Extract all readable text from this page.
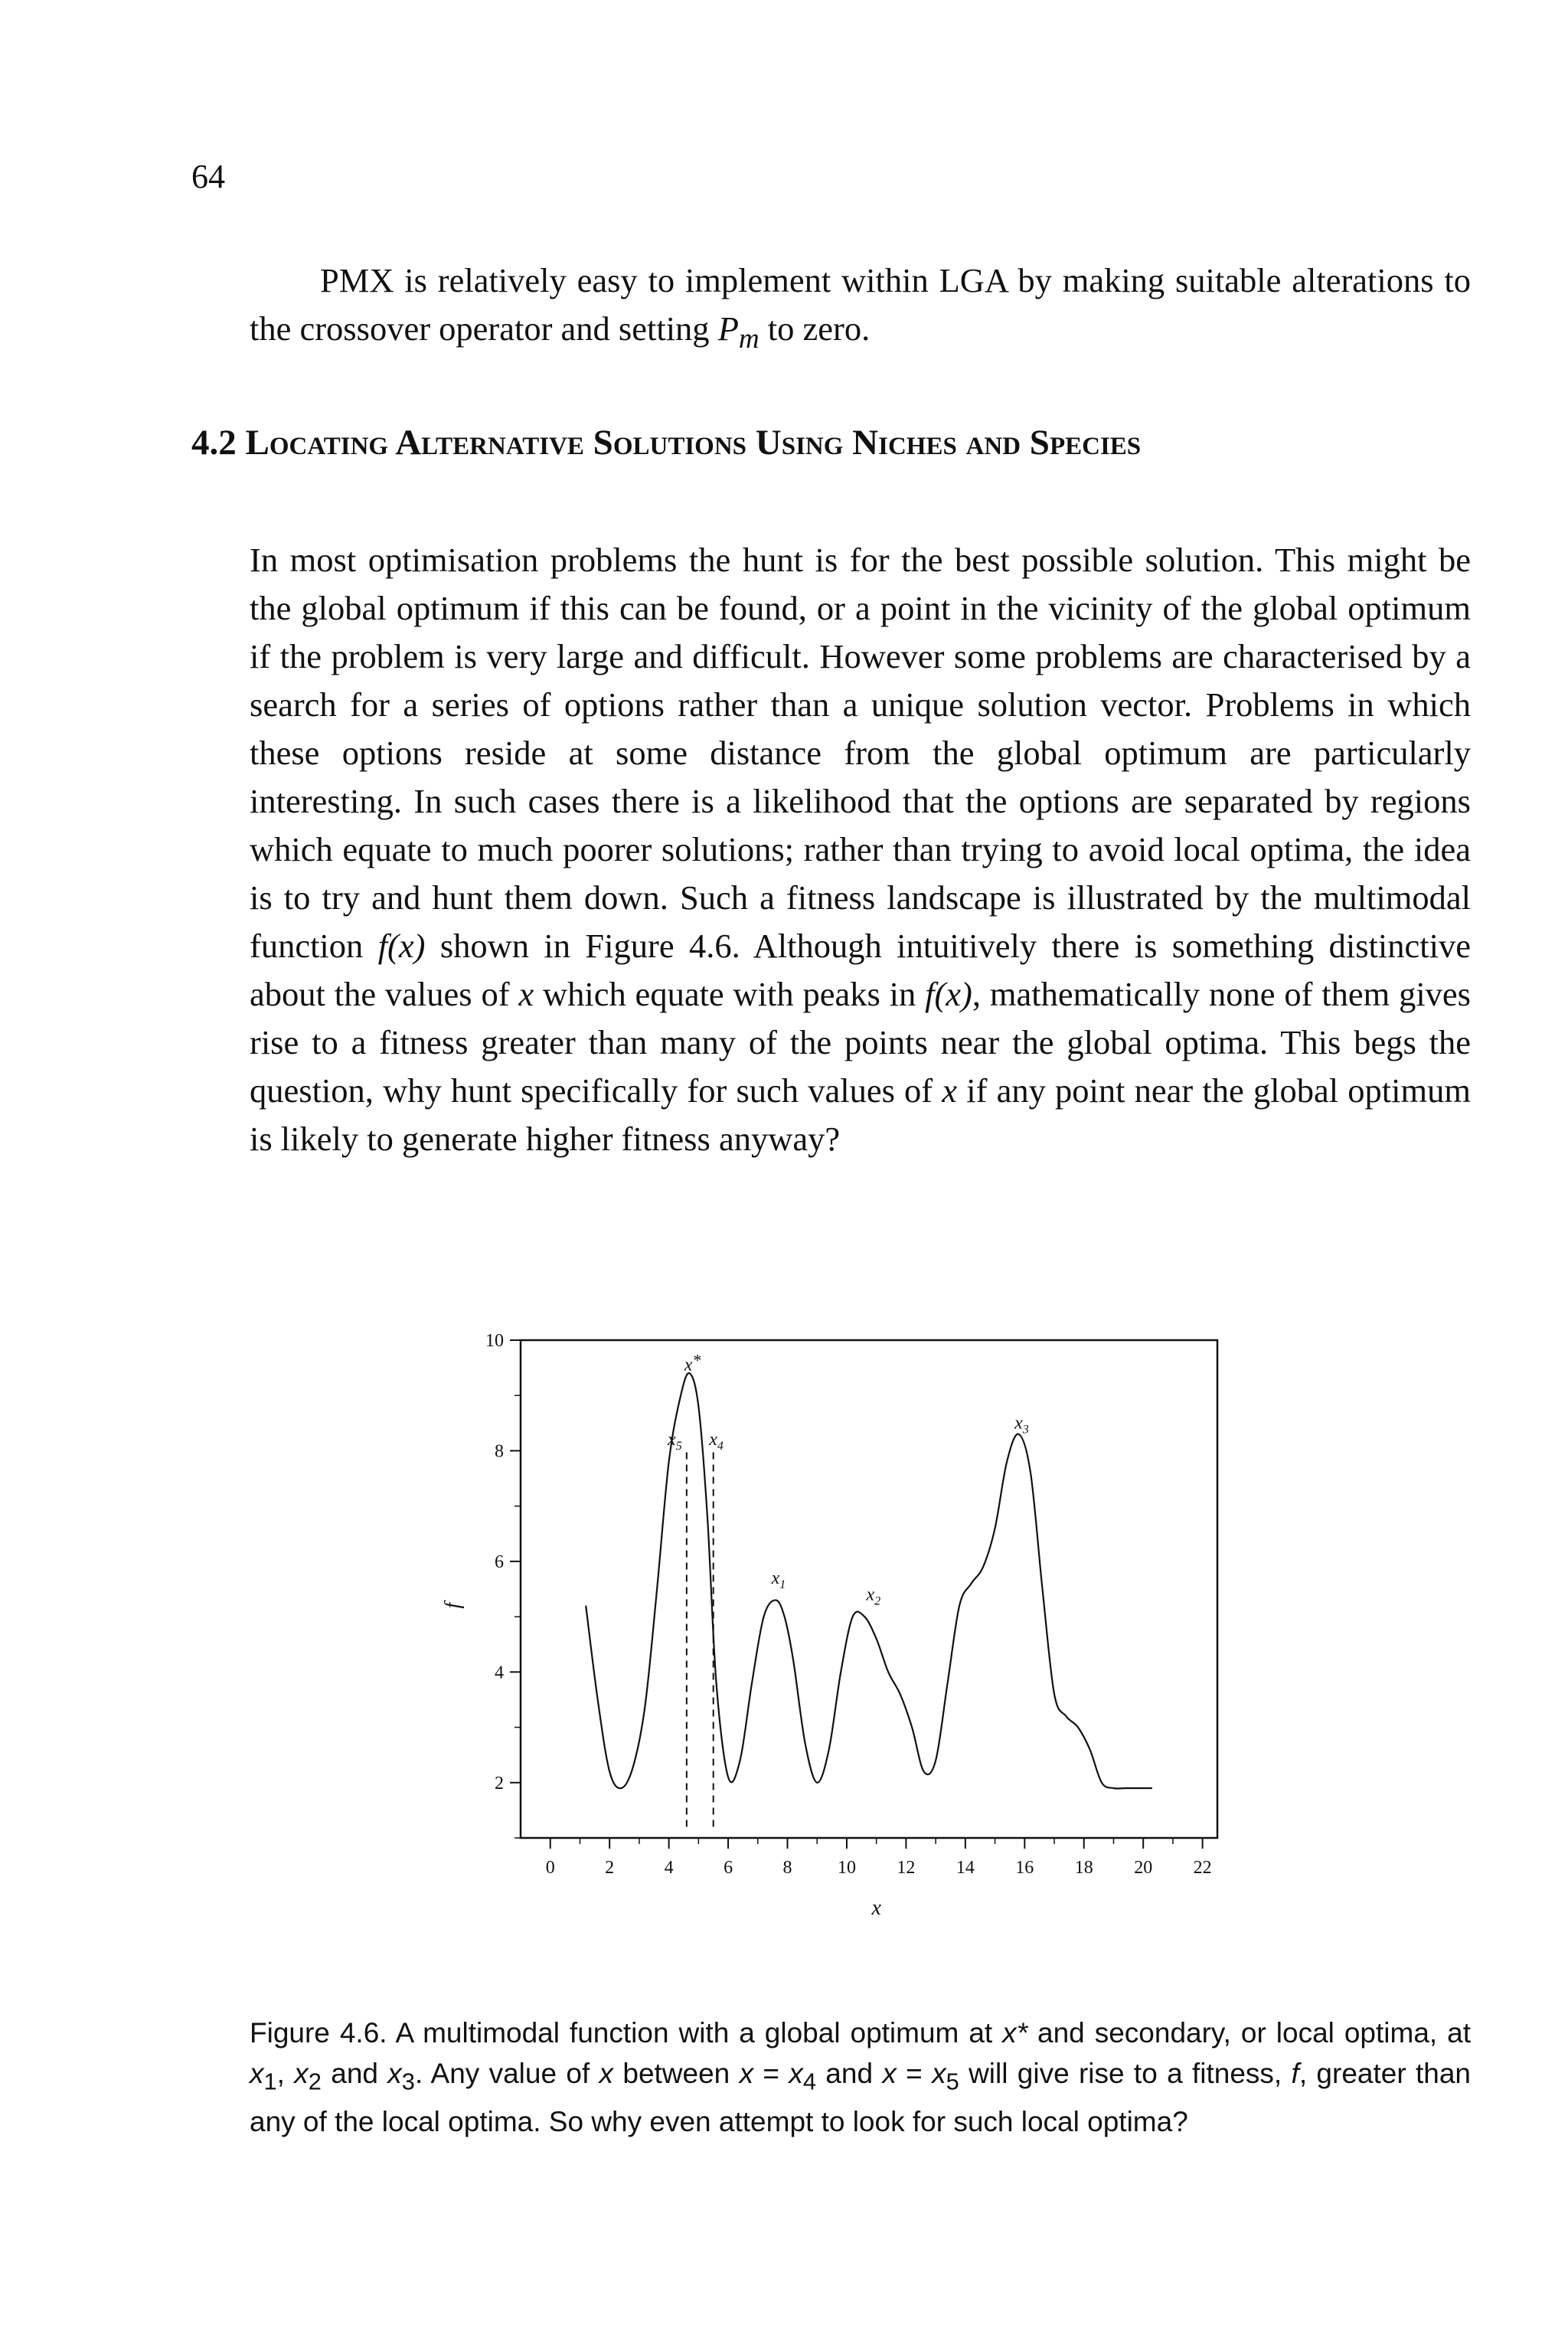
64

PMX is relatively easy to implement within LGA by making suitable alterations to the crossover operator and setting $P_m$ to zero.

4.2 Locating Alternative Solutions Using Niches and Species

In most optimisation problems the hunt is for the best possible solution. This might be the global optimum if this can be found, or a point in the vicinity of the global optimum if the problem is very large and difficult. However some problems are characterised by a search for a series of options rather than a unique solution vector. Problems in which these options reside at some distance from the global optimum are particularly interesting. In such cases there is a likelihood that the options are separated by regions which equate to much poorer solutions; rather than trying to avoid local optima, the idea is to try and hunt them down. Such a fitness landscape is illustrated by the multimodal function f(x) shown in Figure 4.6. Although intuitively there is something distinctive about the values of x which equate with peaks in f(x), mathematically none of them gives rise to a fitness greater than many of the points near the global optima. This begs the question, why hunt specifically for such values of x if any point near the global optimum is likely to generate higher fitness anyway?

0	2	4	6	8 10 12 14 16 18 20 22
2
4
6
8
10
x
f
x*
$x_5$ $x_4$
$x_1$
$x_2$
$x_3$

Figure 4.6. A multimodal function with a global optimum at x* and secondary, or local optima, at $x_1$, $x_2$ and $x_3$. Any value of x between $x = x_4$ and $x = x_5$ will give rise to a fitness, f, greater than any of the local optima. So why even attempt to look for such local optima?
